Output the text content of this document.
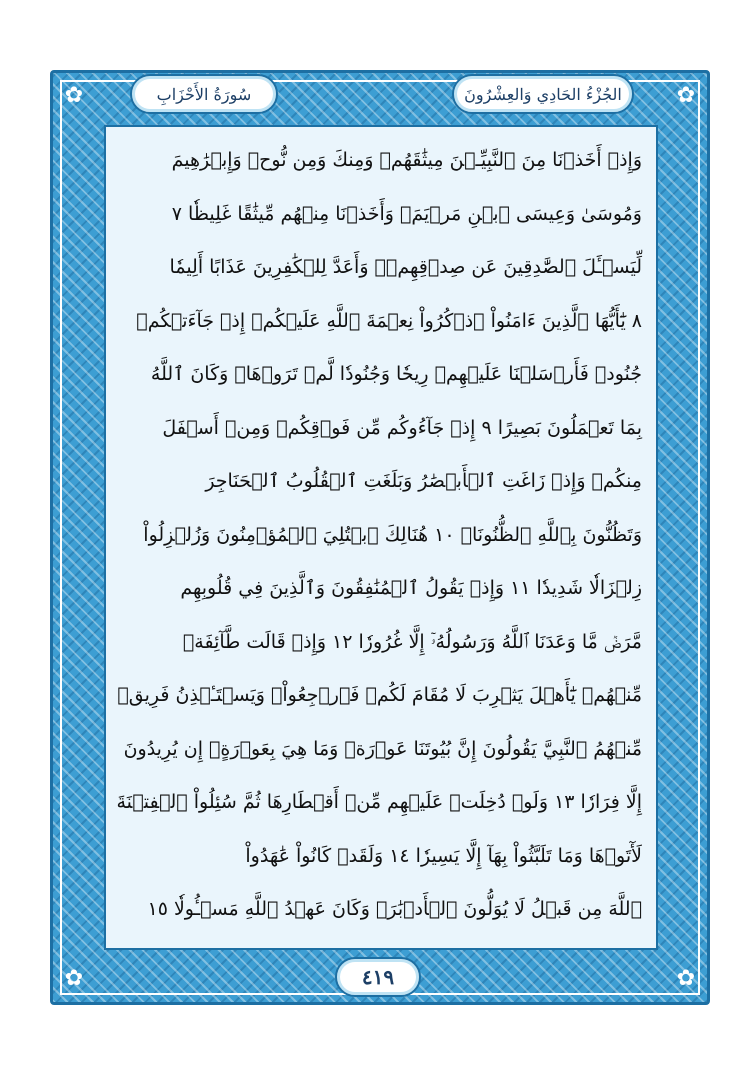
✿	✿
✿	✿
الجُزْءُ الحَادِي وَالعِشْرُونَ
سُورَةُ الأَحْزَابِ
وَإِذۡ أَخَذۡنَا مِنَ ٱلنَّبِيِّـۧنَ مِيثَٰقَهُمۡ وَمِنكَ وَمِن نُّوحٖ وَإِبۡرَٰهِيمَ
وَمُوسَىٰ وَعِيسَى ٱبۡنِ مَرۡيَمَۖ وَأَخَذۡنَا مِنۡهُم مِّيثَٰقًا غَلِيظٗا ٧
لِّيَسۡـَٔلَ ٱلصَّٰدِقِينَ عَن صِدۡقِهِمۡۚ وَأَعَدَّ لِلۡكَٰفِرِينَ عَذَابًا أَلِيمٗا
٨ يَٰٓأَيُّهَا ٱلَّذِينَ ءَامَنُواْ ٱذۡكُرُواْ نِعۡمَةَ ٱللَّهِ عَلَيۡكُمۡ إِذۡ جَآءَتۡكُمۡ
جُنُودٞ فَأَرۡسَلۡنَا عَلَيۡهِمۡ رِيحٗا وَجُنُودٗا لَّمۡ تَرَوۡهَاۚ وَكَانَ ٱللَّهُ
بِمَا تَعۡمَلُونَ بَصِيرًا ٩ إِذۡ جَآءُوكُم مِّن فَوۡقِكُمۡ وَمِنۡ أَسۡفَلَ
مِنكُمۡ وَإِذۡ زَاغَتِ ٱلۡأَبۡصَٰرُ وَبَلَغَتِ ٱلۡقُلُوبُ ٱلۡحَنَاجِرَ
وَتَظُنُّونَ بِٱللَّهِ ٱلظُّنُونَا۠ ١٠ هُنَالِكَ ٱبۡتُلِيَ ٱلۡمُؤۡمِنُونَ وَزُلۡزِلُواْ
زِلۡزَالٗا شَدِيدٗا ١١ وَإِذۡ يَقُولُ ٱلۡمُنَٰفِقُونَ وَٱلَّذِينَ فِي قُلُوبِهِم
مَّرَضٞ مَّا وَعَدَنَا ٱللَّهُ وَرَسُولُهُۥٓ إِلَّا غُرُورٗا ١٢ وَإِذۡ قَالَت طَّآئِفَةٞ
مِّنۡهُمۡ يَٰٓأَهۡلَ يَثۡرِبَ لَا مُقَامَ لَكُمۡ فَٱرۡجِعُواْۚ وَيَسۡتَـٔۡذِنُ فَرِيقٞ
مِّنۡهُمُ ٱلنَّبِيَّ يَقُولُونَ إِنَّ بُيُوتَنَا عَوۡرَةٞ وَمَا هِيَ بِعَوۡرَةٍۖ إِن يُرِيدُونَ
إِلَّا فِرَارٗا ١٣ وَلَوۡ دُخِلَتۡ عَلَيۡهِم مِّنۡ أَقۡطَارِهَا ثُمَّ سُئِلُواْ ٱلۡفِتۡنَةَ
لَأٓتَوۡهَا وَمَا تَلَبَّثُواْ بِهَآ إِلَّا يَسِيرٗا ١٤ وَلَقَدۡ كَانُواْ عَٰهَدُواْ
ٱللَّهَ مِن قَبۡلُ لَا يُوَلُّونَ ٱلۡأَدۡبَٰرَۚ وَكَانَ عَهۡدُ ٱللَّهِ مَسۡـُٔولٗا ١٥
٤١٩
